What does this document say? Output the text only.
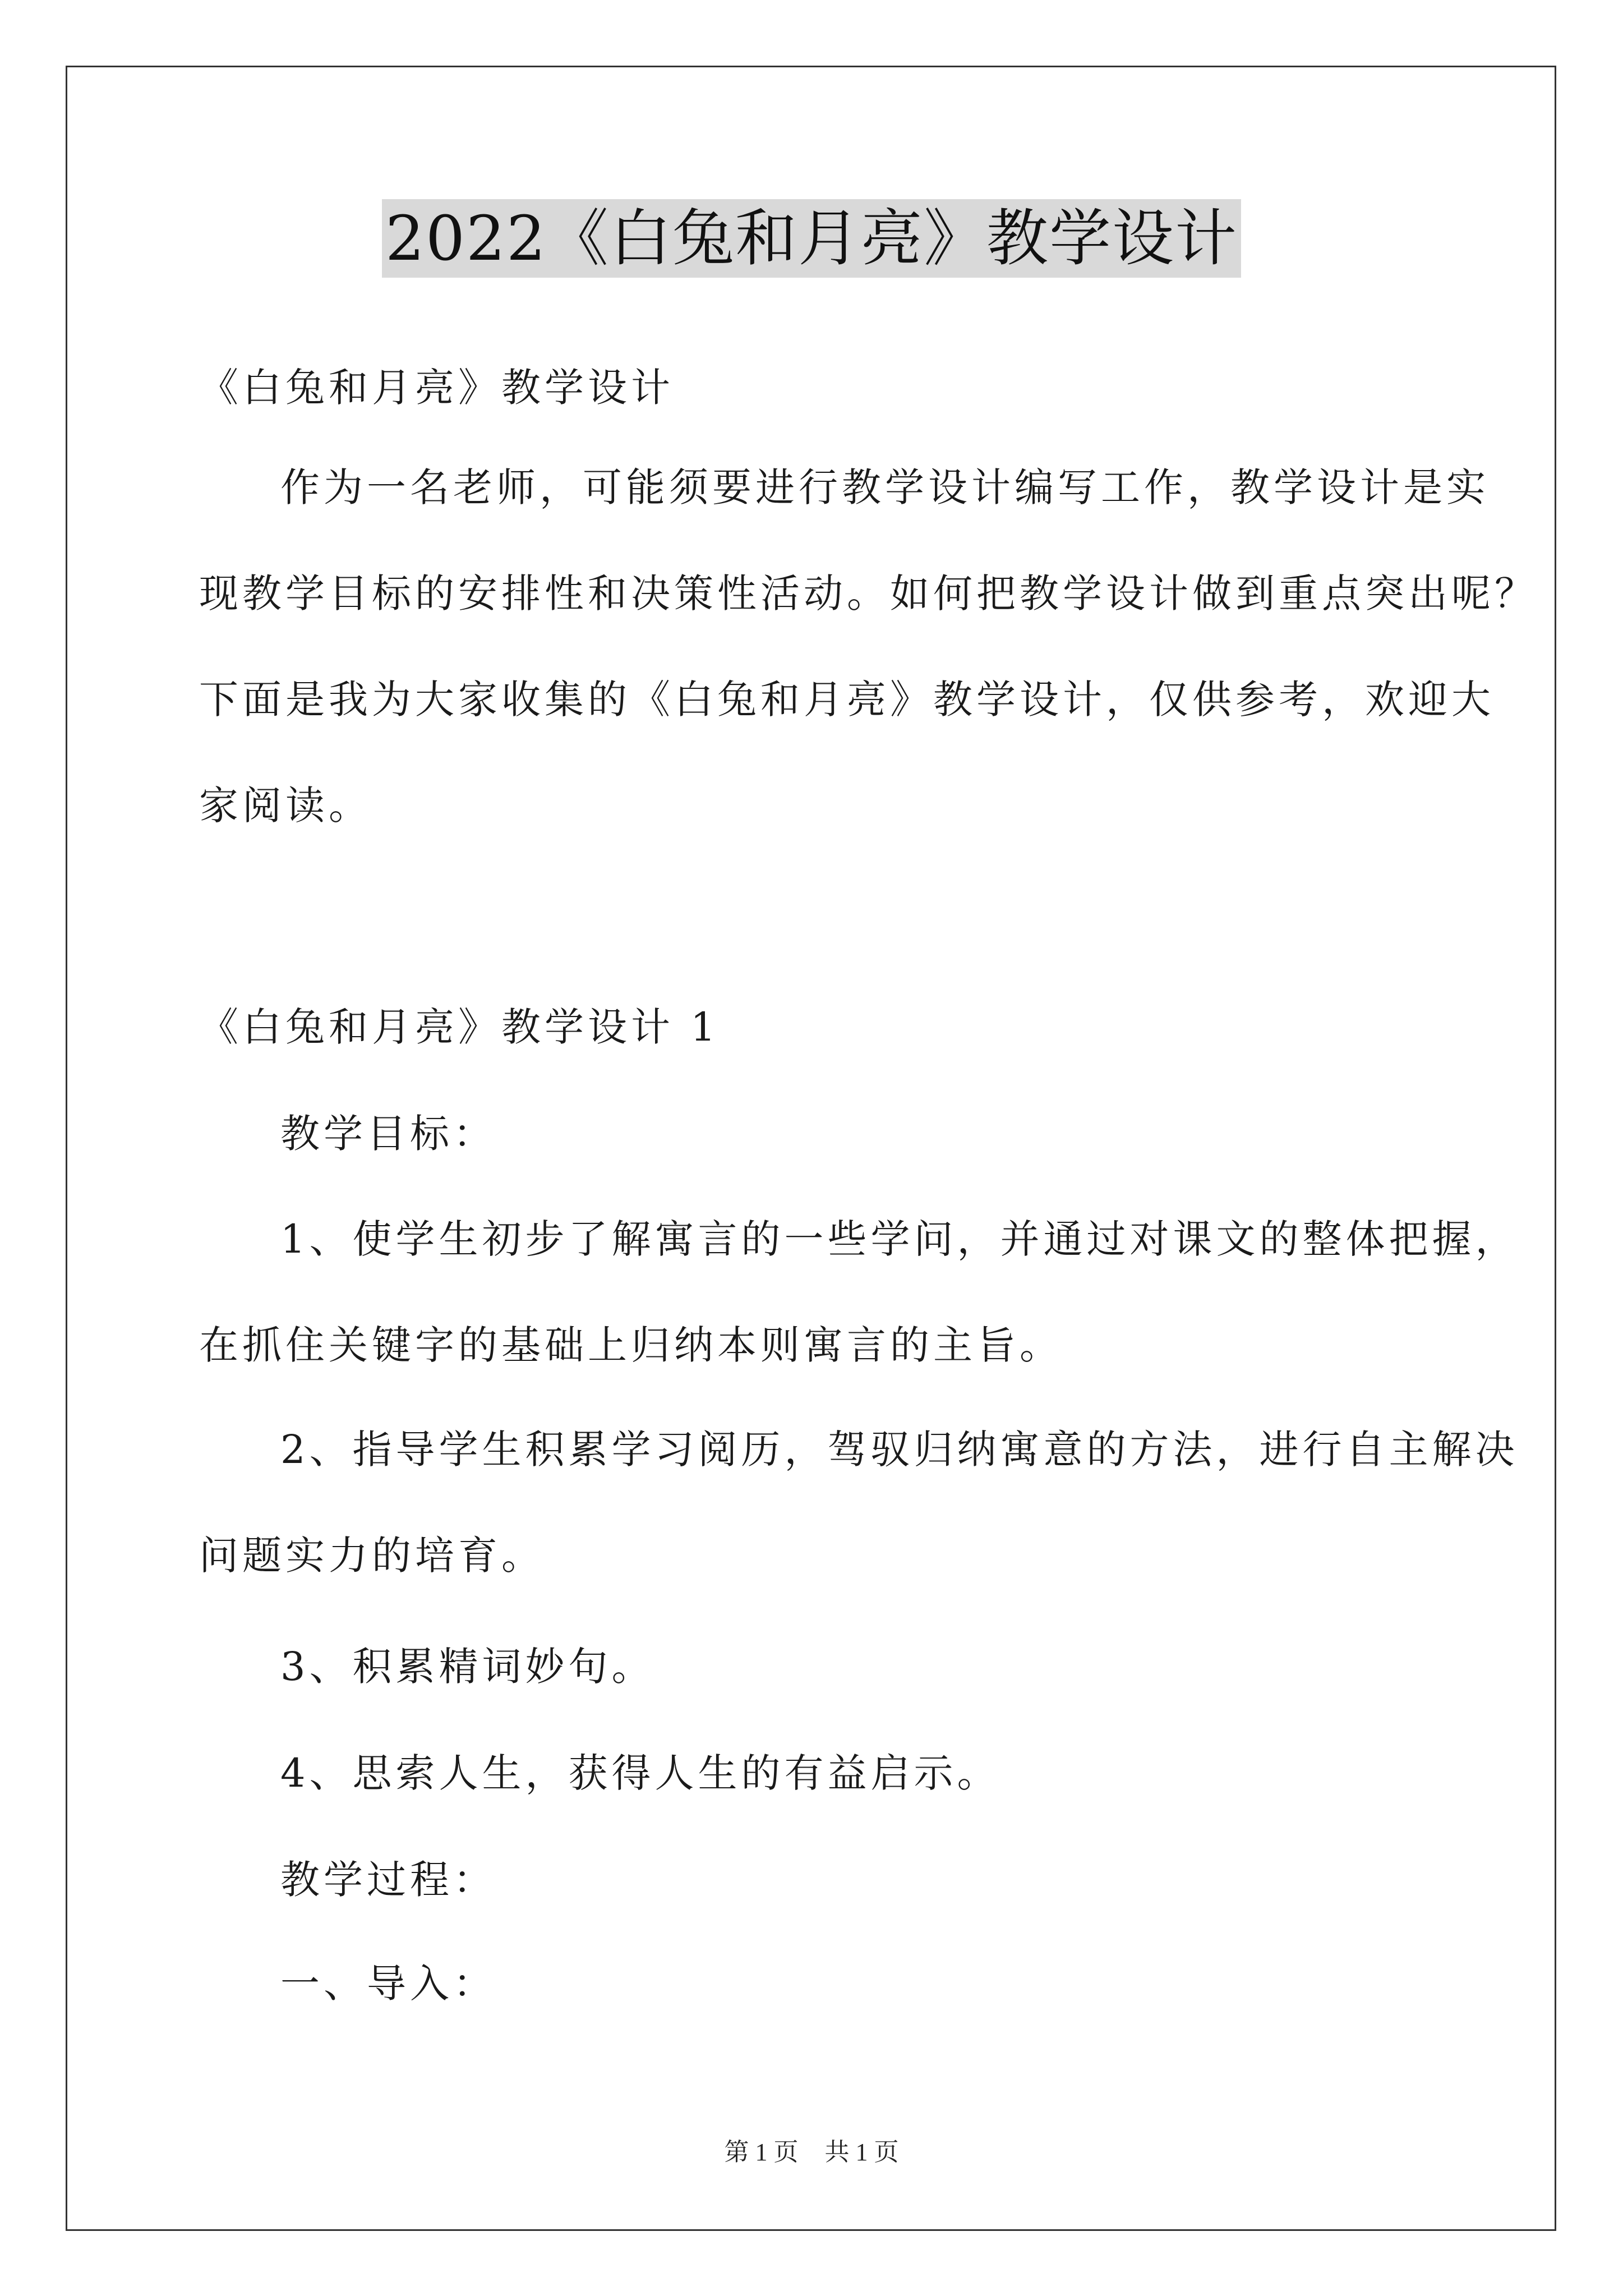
2022《白兔和月亮》教学设计

《白兔和月亮》教学设计

作为一名老师，可能须要进行教学设计编写工作，教学设计是实
现教学目标的安排性和决策性活动。如何把教学设计做到重点突出呢？
下面是我为大家收集的《白兔和月亮》教学设计，仅供参考，欢迎大
家阅读。

《白兔和月亮》教学设计 1

教学目标：

1、使学生初步了解寓言的一些学问，并通过对课文的整体把握，
在抓住关键字的基础上归纳本则寓言的主旨。
2、指导学生积累学习阅历，驾驭归纳寓意的方法，进行自主解决
问题实力的培育。

3、积累精词妙句。

4、思索人生，获得人生的有益启示。

教学过程：

一、导入：

第 1 页 共 1 页
